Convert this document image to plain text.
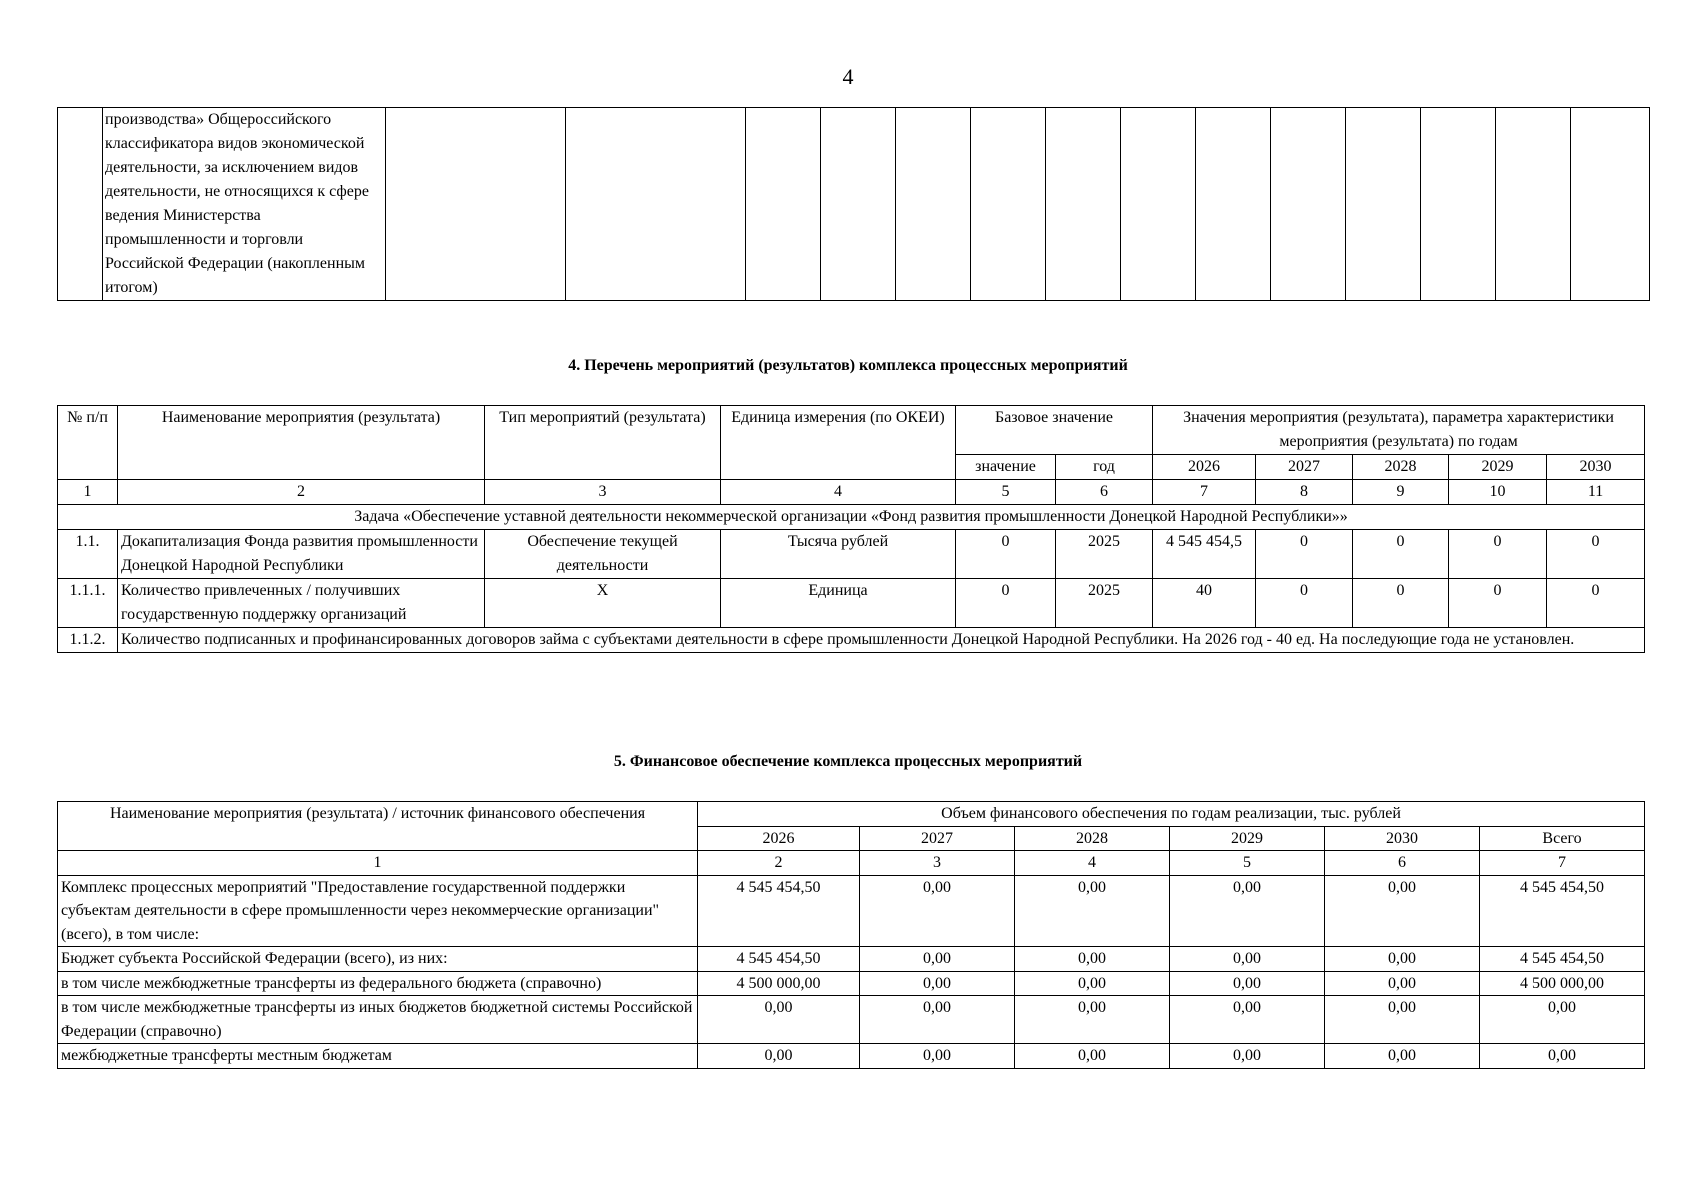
4
	производства» Общероссийского классификатора видов экономической деятельности, за исключением видов деятельности, не относящихся к сфере ведения Министерства промышленности и торговли Российской Федерации (накопленным итогом)														
4. Перечень мероприятий (результатов) комплекса процессных мероприятий
№ п/п	Наименование мероприятия (результата)	Тип мероприятий (результата)	Единица измерения (по ОКЕИ)	Базовое значение		Значения мероприятия (результата), параметра характеристики мероприятия (результата) по годам				
				значение	год	2026	2027	2028	2029	2030
1	2	3	4	5	6	7	8	9	10	11
Задача «Обеспечение уставной деятельности некоммерческой организации «Фонд развития промышленности Донецкой Народной Республики»»										
1.1.	Докапитализация Фонда развития промышленности Донецкой Народной Республики	Обеспечение текущей деятельности	Тысяча рублей	0	2025	4 545 454,5	0	0	0	0
1.1.1.	Количество привлеченных / получивших государственную поддержку организаций	X	Единица	0	2025	40	0	0	0	0
1.1.2.	Количество подписанных и профинансированных договоров займа с субъектами деятельности в сфере промышленности Донецкой Народной Республики. На 2026 год - 40 ед. На последующие года не установлен.									
5. Финансовое обеспечение комплекса процессных мероприятий
Наименование мероприятия (результата) / источник финансового обеспечения	Объем финансового обеспечения по годам реализации, тыс. рублей					
	2026	2027	2028	2029	2030	Всего
1	2	3	4	5	6	7
Комплекс процессных мероприятий "Предоставление государственной поддержки субъектам деятельности в сфере промышленности через некоммерческие организации" (всего), в том числе:	4 545 454,50	0,00	0,00	0,00	0,00	4 545 454,50
Бюджет субъекта Российской Федерации (всего), из них:	4 545 454,50	0,00	0,00	0,00	0,00	4 545 454,50
в том числе межбюджетные трансферты из федерального бюджета (справочно)	4 500 000,00	0,00	0,00	0,00	0,00	4 500 000,00
в том числе межбюджетные трансферты из иных бюджетов бюджетной системы Российской Федерации (справочно)	0,00	0,00	0,00	0,00	0,00	0,00
межбюджетные трансферты местным бюджетам	0,00	0,00	0,00	0,00	0,00	0,00
